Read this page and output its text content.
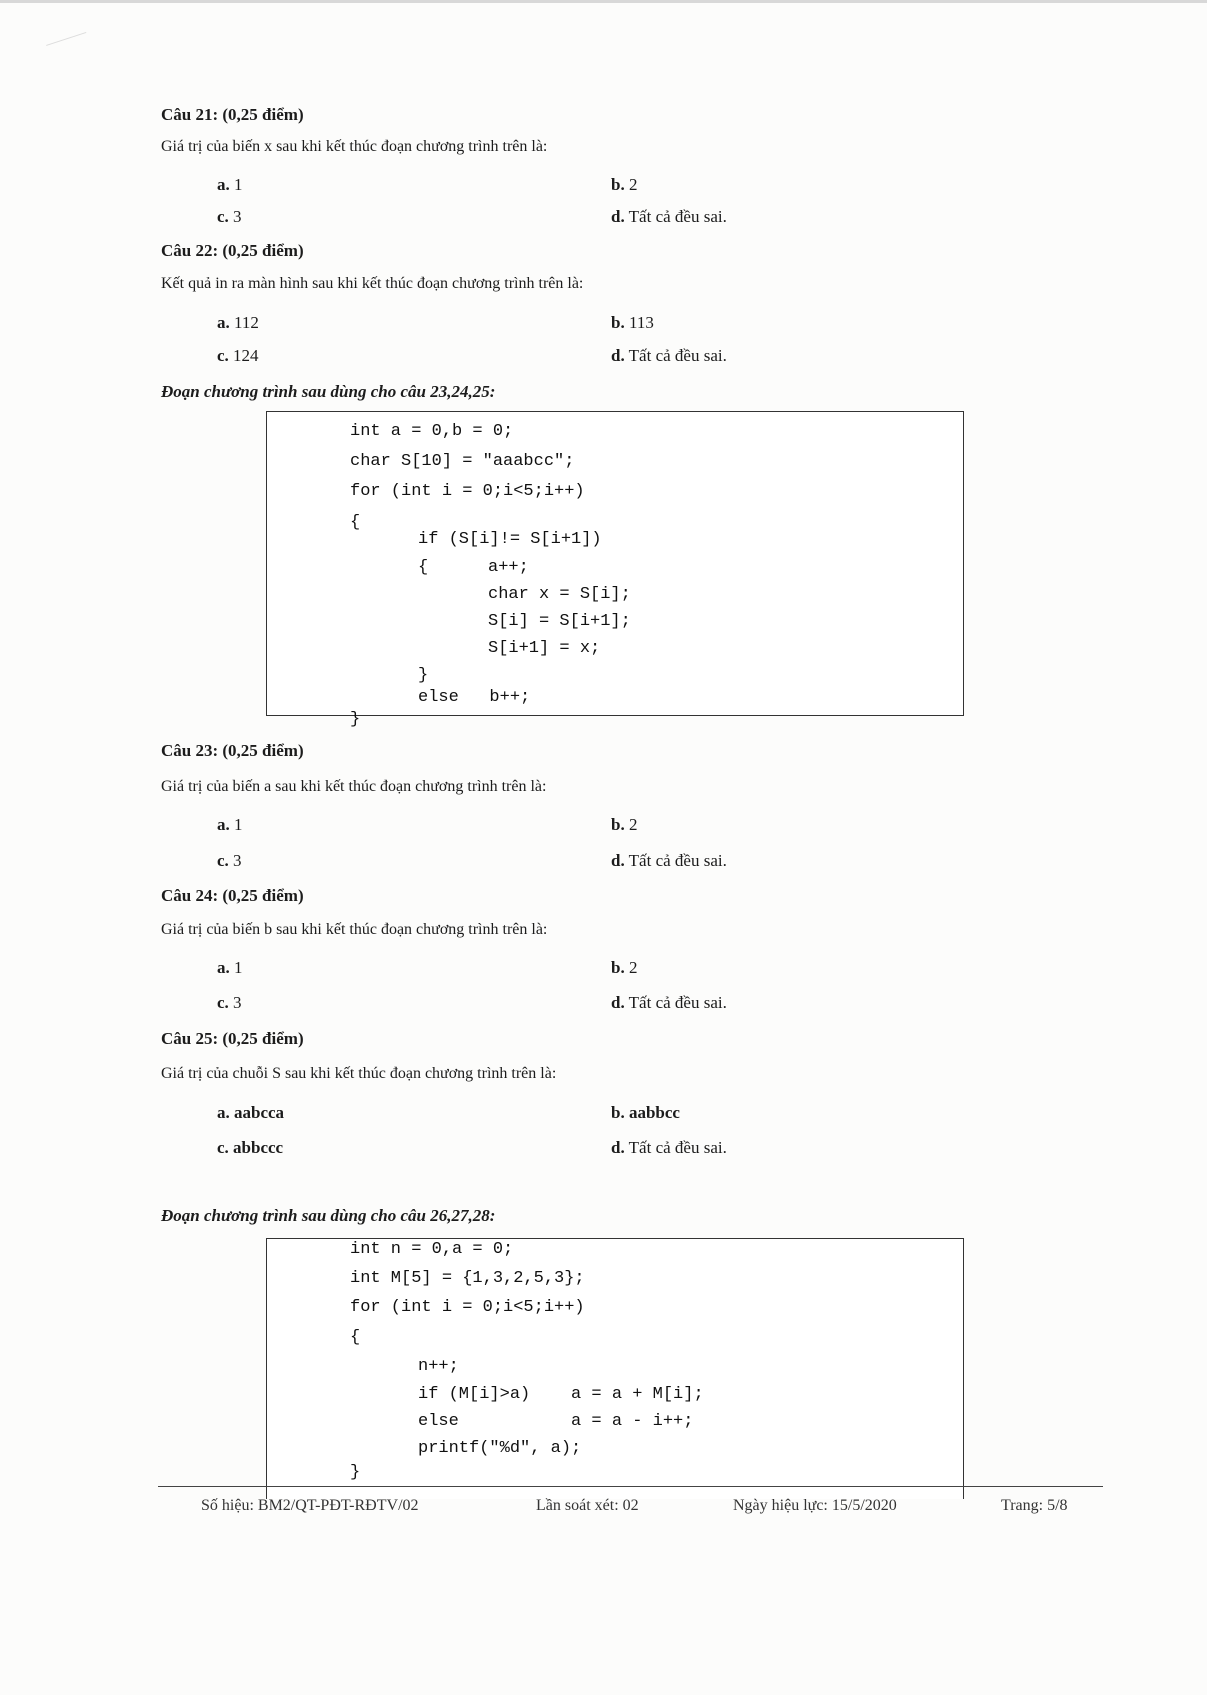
Câu 21: (0,25 điểm)
Giá trị của biến x sau khi kết thúc đoạn chương trình trên là:
a. 1	b. 2
c. 3	d. Tất cả đều sai.
Câu 22: (0,25 điểm)
Kết quả in ra màn hình sau khi kết thúc đoạn chương trình trên là:
a. 112	b. 113
c. 124	d. Tất cả đều sai.
Đoạn chương trình sau dùng cho câu 23,24,25:
int a = 0,b = 0;
char S[10] = "aaabcc";
for (int i = 0;i<5;i++)
{
if (S[i]!= S[i+1])
{	a++;
char x = S[i];
S[i] = S[i+1];
S[i+1] = x;
}
else   b++;
}
Câu 23: (0,25 điểm)
Giá trị của biến a sau khi kết thúc đoạn chương trình trên là:
a. 1	b. 2
c. 3	d. Tất cả đều sai.
Câu 24: (0,25 điểm)
Giá trị của biến b sau khi kết thúc đoạn chương trình trên là:
a. 1	b. 2
c. 3	d. Tất cả đều sai.
Câu 25: (0,25 điểm)
Giá trị của chuỗi S sau khi kết thúc đoạn chương trình trên là:
a. aabcca	b. aabbcc
c. abbccc	d. Tất cả đều sai.
Đoạn chương trình sau dùng cho câu 26,27,28:
int n = 0,a = 0;
int M[5] = {1,3,2,5,3};
for (int i = 0;i<5;i++)
{
n++;
if (M[i]>a)    a = a + M[i];
else           a = a - i++;
printf("%d", a);
}
Số hiệu: BM2/QT-PĐT-RĐTV/02	Lần soát xét: 02	Ngày hiệu lực: 15/5/2020	Trang: 5/8
